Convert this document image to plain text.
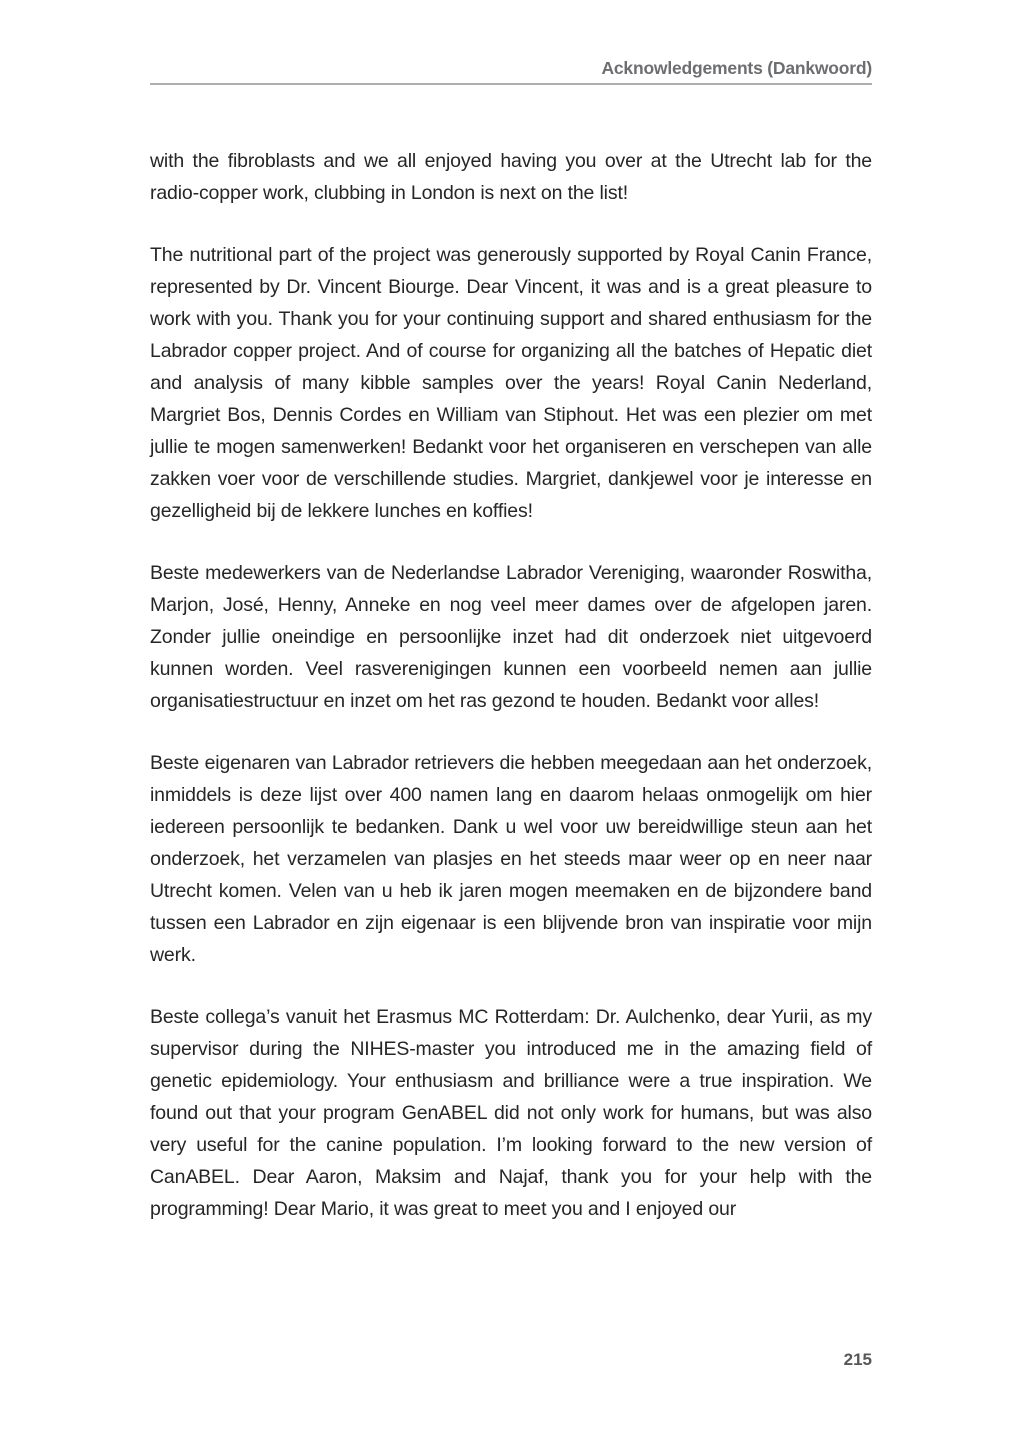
Acknowledgements (Dankwoord)

with the fibroblasts and we all enjoyed having you over at the Utrecht lab for the radio-copper work, clubbing in London is next on the list!

The nutritional part of the project was generously supported by Royal Canin France, represented by Dr. Vincent Biourge. Dear Vincent, it was and is a great pleasure to work with you. Thank you for your continuing support and shared enthusiasm for the Labrador copper project. And of course for organizing all the batches of Hepatic diet and analysis of many kibble samples over the years! Royal Canin Nederland, Margriet Bos, Dennis Cordes en William van Stiphout. Het was een plezier om met jullie te mogen samenwerken! Bedankt voor het organiseren en verschepen van alle zakken voer voor de verschillende studies. Margriet, dankjewel voor je interesse en gezelligheid bij de lekkere lunches en koffies!

Beste medewerkers van de Nederlandse Labrador Vereniging, waaronder Roswitha, Marjon, José, Henny, Anneke en nog veel meer dames over de afgelopen jaren. Zonder jullie oneindige en persoonlijke inzet had dit onderzoek niet uitgevoerd kunnen worden. Veel rasverenigingen kunnen een voorbeeld nemen aan jullie organisatiestructuur en inzet om het ras gezond te houden. Bedankt voor alles!

Beste eigenaren van Labrador retrievers die hebben meegedaan aan het onderzoek, inmiddels is deze lijst over 400 namen lang en daarom helaas onmogelijk om hier iedereen persoonlijk te bedanken. Dank u wel voor uw bereidwillige steun aan het onderzoek, het verzamelen van plasjes en het steeds maar weer op en neer naar Utrecht komen. Velen van u heb ik jaren mogen meemaken en de bijzondere band tussen een Labrador en zijn eigenaar is een blijvende bron van inspiratie voor mijn werk.

Beste collega’s vanuit het Erasmus MC Rotterdam: Dr. Aulchenko, dear Yurii, as my supervisor during the NIHES-master you introduced me in the amazing field of genetic epidemiology. Your enthusiasm and brilliance were a true inspiration. We found out that your program GenABEL did not only work for humans, but was also very useful for the canine population. I’m looking forward to the new version of CanABEL. Dear Aaron, Maksim and Najaf, thank you for your help with the programming! Dear Mario, it was great to meet you and I enjoyed our

215
